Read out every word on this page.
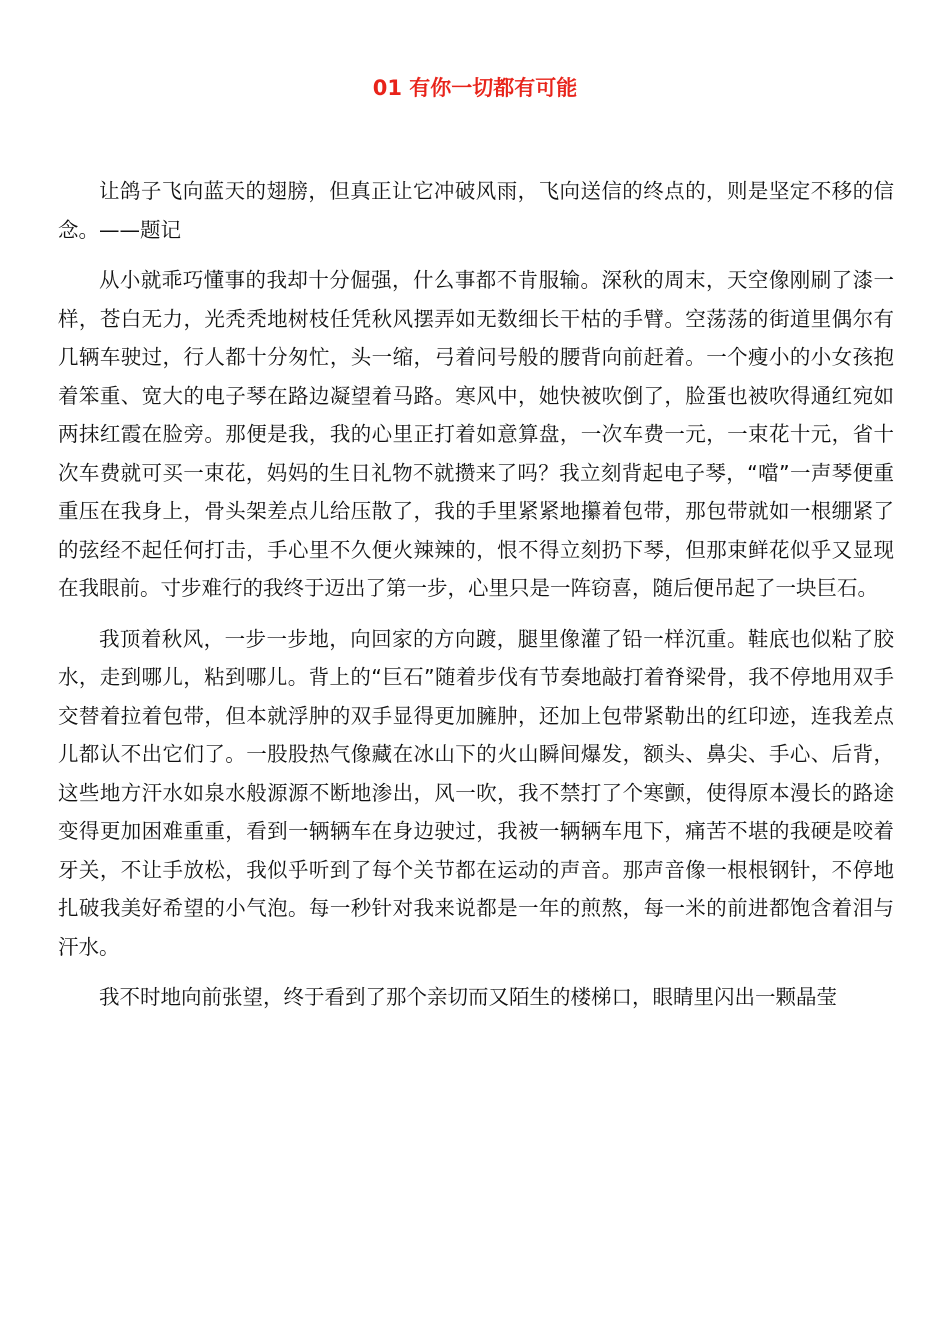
01 有你一切都有可能

让鸽子飞向蓝天的翅膀，但真正让它冲破风雨，飞向送信的终点的，则是坚定不移的信念。——题记

从小就乖巧懂事的我却十分倔强，什么事都不肯服输。深秋的周末，天空像刚刷了漆一样，苍白无力，光秃秃地树枝任凭秋风摆弄如无数细长干枯的手臂。空荡荡的街道里偶尔有几辆车驶过，行人都十分匆忙，头一缩，弓着问号般的腰背向前赶着。一个瘦小的小女孩抱着笨重、宽大的电子琴在路边凝望着马路。寒风中，她快被吹倒了，脸蛋也被吹得通红宛如两抹红霞在脸旁。那便是我，我的心里正打着如意算盘，一次车费一元，一束花十元，省十次车费就可买一束花，妈妈的生日礼物不就攒来了吗？我立刻背起电子琴，“噹”一声琴便重重压在我身上，骨头架差点儿给压散了，我的手里紧紧地攥着包带，那包带就如一根绷紧了的弦经不起任何打击，手心里不久便火辣辣的，恨不得立刻扔下琴，但那束鲜花似乎又显现在我眼前。寸步难行的我终于迈出了第一步，心里只是一阵窃喜，随后便吊起了一块巨石。

我顶着秋风，一步一步地，向回家的方向踱，腿里像灌了铅一样沉重。鞋底也似粘了胶水，走到哪儿，粘到哪儿。背上的“巨石”随着步伐有节奏地敲打着脊梁骨，我不停地用双手交替着拉着包带，但本就浮肿的双手显得更加臃肿，还加上包带紧勒出的红印迹，连我差点儿都认不出它们了。一股股热气像藏在冰山下的火山瞬间爆发，额头、鼻尖、手心、后背，这些地方汗水如泉水般源源不断地渗出，风一吹，我不禁打了个寒颤，使得原本漫长的路途变得更加困难重重，看到一辆辆车在身边驶过，我被一辆辆车甩下，痛苦不堪的我硬是咬着牙关，不让手放松，我似乎听到了每个关节都在运动的声音。那声音像一根根钢针，不停地扎破我美好希望的小气泡。每一秒针对我来说都是一年的煎熬，每一米的前进都饱含着泪与汗水。

我不时地向前张望，终于看到了那个亲切而又陌生的楼梯口，眼睛里闪出一颗晶莹
